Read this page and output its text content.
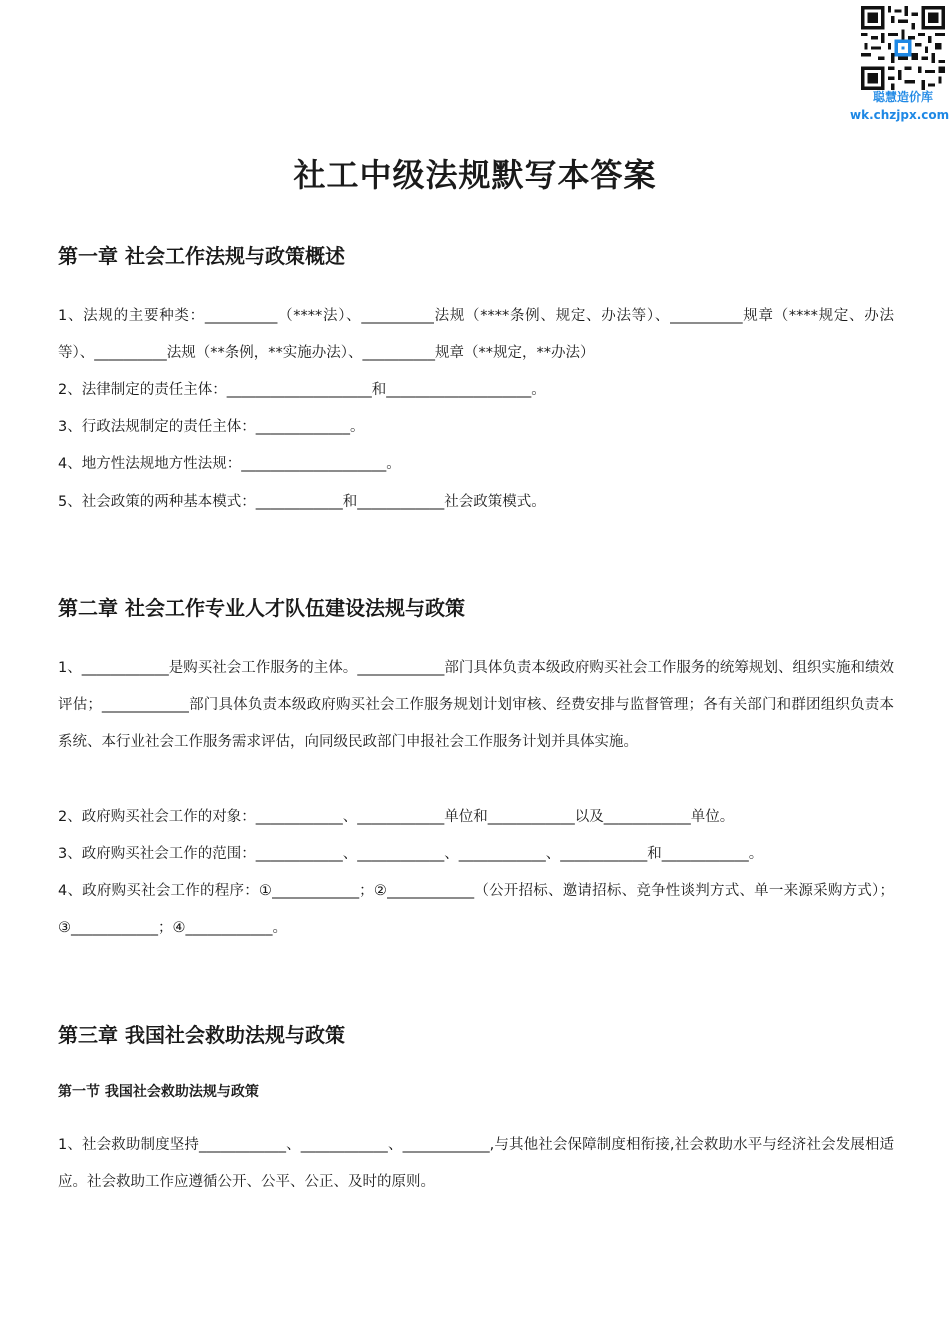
聪慧造价库
wk.chzjpx.com
社工中级法规默写本答案
第一章 社会工作法规与政策概述
1、法规的主要种类：__________（****法）、__________法规（****条例、规定、办法等）、__________规章（****规定、办法等）、__________法规（**条例，**实施办法）、__________规章（**规定，**办法）
2、法律制定的责任主体：____________________和____________________。
3、行政法规制定的责任主体：_____________。
4、地方性法规地方性法规：____________________。
5、社会政策的两种基本模式：____________和____________社会政策模式。
第二章 社会工作专业人才队伍建设法规与政策
1、____________是购买社会工作服务的主体。____________部门具体负责本级政府购买社会工作服务的统筹规划、组织实施和绩效评估；____________部门具体负责本级政府购买社会工作服务规划计划审核、经费安排与监督管理；各有关部门和群团组织负责本系统、本行业社会工作服务需求评估，向同级民政部门申报社会工作服务计划并具体实施。
2、政府购买社会工作的对象：____________、____________单位和____________以及____________单位。
3、政府购买社会工作的范围：____________、____________、____________、____________和____________。
4、政府购买社会工作的程序：①____________；②____________（公开招标、邀请招标、竞争性谈判方式、单一来源采购方式）；③____________；④____________。
第三章 我国社会救助法规与政策
第一节 我国社会救助法规与政策
1、社会救助制度坚持____________、____________、____________,与其他社会保障制度相衔接,社会救助水平与经济社会发展相适应。社会救助工作应遵循公开、公平、公正、及时的原则。
